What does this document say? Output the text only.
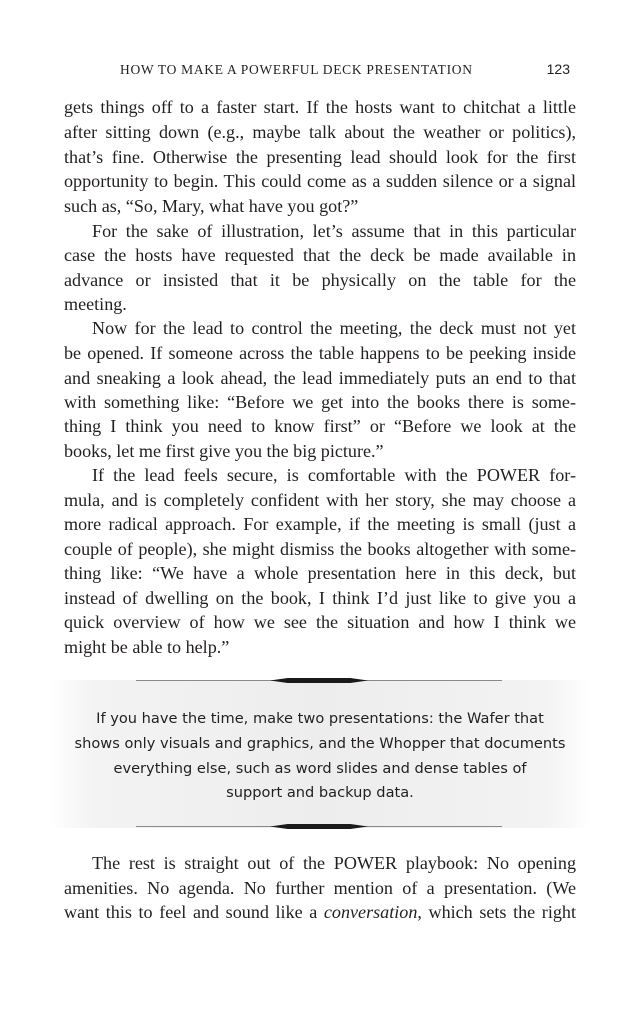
HOW TO MAKE A POWERFUL DECK PRESENTATION	123
gets things off to a faster start. If the hosts want to chitchat a little
after sitting down (e.g., maybe talk about the weather or politics),
that’s fine. Otherwise the presenting lead should look for the first
opportunity to begin. This could come as a sudden silence or a signal
such as, “So, Mary, what have you got?”
For the sake of illustration, let’s assume that in this particular
case the hosts have requested that the deck be made available in
advance or insisted that it be physically on the table for the
meeting.
Now for the lead to control the meeting, the deck must not yet
be opened. If someone across the table happens to be peeking inside
and sneaking a look ahead, the lead immediately puts an end to that
with something like: “Before we get into the books there is some-
thing I think you need to know first” or “Before we look at the
books, let me first give you the big picture.”
If the lead feels secure, is comfortable with the POWER for-
mula, and is completely confident with her story, she may choose a
more radical approach. For example, if the meeting is small (just a
couple of people), she might dismiss the books altogether with some-
thing like: “We have a whole presentation here in this deck, but
instead of dwelling on the book, I think I’d just like to give you a
quick overview of how we see the situation and how I think we
might be able to help.”
If you have the time, make two presentations: the Wafer that
shows only visuals and graphics, and the Whopper that documents
everything else, such as word slides and dense tables of
support and backup data.
The rest is straight out of the POWER playbook: No opening
amenities. No agenda. No further mention of a presentation. (We
want this to feel and sound like a conversation, which sets the right
